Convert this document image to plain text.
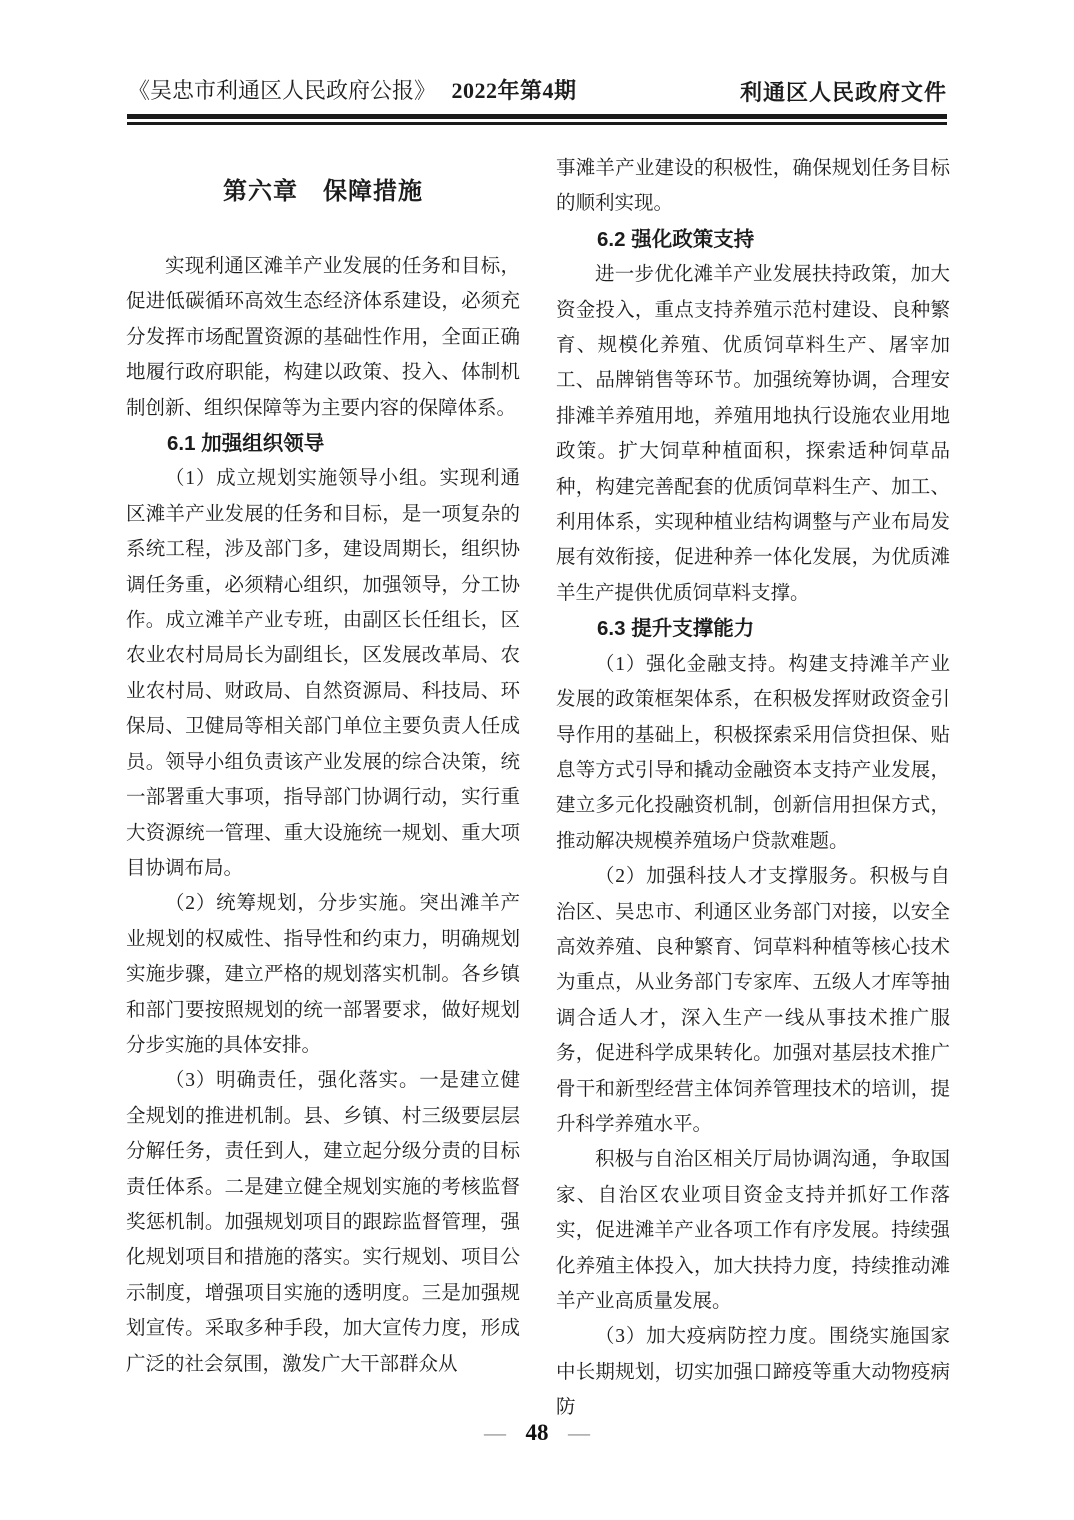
《吴忠市利通区人民政府公报》 2022年第4期	利通区人民政府文件
第六章　保障措施

实现利通区滩羊产业发展的任务和目标，促进低碳循环高效生态经济体系建设，必须充分发挥市场配置资源的基础性作用，全面正确地履行政府职能，构建以政策、投入、体制机制创新、组织保障等为主要内容的保障体系。

6.1 加强组织领导

（1）成立规划实施领导小组。实现利通区滩羊产业发展的任务和目标，是一项复杂的系统工程，涉及部门多，建设周期长，组织协调任务重，必须精心组织，加强领导，分工协作。成立滩羊产业专班，由副区长任组长，区农业农村局局长为副组长，区发展改革局、农业农村局、财政局、自然资源局、科技局、环保局、卫健局等相关部门单位主要负责人任成员。领导小组负责该产业发展的综合决策，统一部署重大事项，指导部门协调行动，实行重大资源统一管理、重大设施统一规划、重大项目协调布局。

（2）统筹规划，分步实施。突出滩羊产业规划的权威性、指导性和约束力，明确规划实施步骤，建立严格的规划落实机制。各乡镇和部门要按照规划的统一部署要求，做好规划分步实施的具体安排。

（3）明确责任，强化落实。一是建立健全规划的推进机制。县、乡镇、村三级要层层分解任务，责任到人，建立起分级分责的目标责任体系。二是建立健全规划实施的考核监督奖惩机制。加强规划项目的跟踪监督管理，强化规划项目和措施的落实。实行规划、项目公示制度，增强项目实施的透明度。三是加强规划宣传。采取多种手段，加大宣传力度，形成广泛的社会氛围，激发广大干部群众从

事滩羊产业建设的积极性，确保规划任务目标的顺利实现。

6.2 强化政策支持

进一步优化滩羊产业发展扶持政策，加大资金投入，重点支持养殖示范村建设、良种繁育、规模化养殖、优质饲草料生产、屠宰加工、品牌销售等环节。加强统筹协调，合理安排滩羊养殖用地，养殖用地执行设施农业用地政策。扩大饲草种植面积，探索适种饲草品种，构建完善配套的优质饲草料生产、加工、利用体系，实现种植业结构调整与产业布局发展有效衔接，促进种养一体化发展，为优质滩羊生产提供优质饲草料支撑。

6.3 提升支撑能力

（1）强化金融支持。构建支持滩羊产业发展的政策框架体系，在积极发挥财政资金引导作用的基础上，积极探索采用信贷担保、贴息等方式引导和撬动金融资本支持产业发展，建立多元化投融资机制，创新信用担保方式，推动解决规模养殖场户贷款难题。

（2）加强科技人才支撑服务。积极与自治区、吴忠市、利通区业务部门对接，以安全高效养殖、良种繁育、饲草料种植等核心技术为重点，从业务部门专家库、五级人才库等抽调合适人才，深入生产一线从事技术推广服务，促进科学成果转化。加强对基层技术推广骨干和新型经营主体饲养管理技术的培训，提升科学养殖水平。

积极与自治区相关厅局协调沟通，争取国家、自治区农业项目资金支持并抓好工作落实，促进滩羊产业各项工作有序发展。持续强化养殖主体投入，加大扶持力度，持续推动滩羊产业高质量发展。

（3）加大疫病防控力度。围绕实施国家中长期规划，切实加强口蹄疫等重大动物疫病防

— 48 —
